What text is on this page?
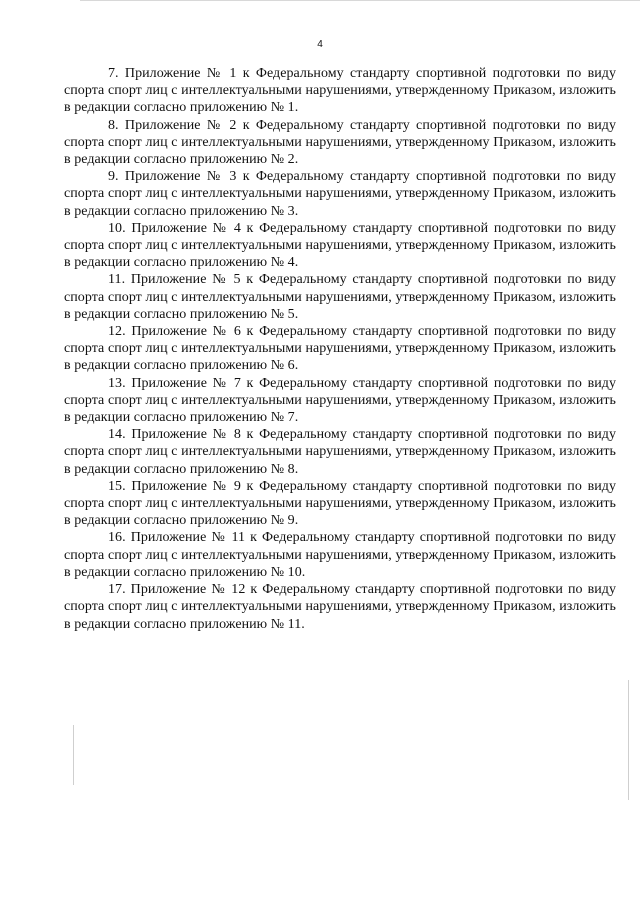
4

7. Приложение № 1 к Федеральному стандарту спортивной подготовки по виду спорта спорт лиц с интеллектуальными нарушениями, утвержденному Приказом, изложить в редакции согласно приложению № 1.

8. Приложение № 2 к Федеральному стандарту спортивной подготовки по виду спорта спорт лиц с интеллектуальными нарушениями, утвержденному Приказом, изложить в редакции согласно приложению № 2.

9. Приложение № 3 к Федеральному стандарту спортивной подготовки по виду спорта спорт лиц с интеллектуальными нарушениями, утвержденному Приказом, изложить в редакции согласно приложению № 3.

10. Приложение № 4 к Федеральному стандарту спортивной подготовки по виду спорта спорт лиц с интеллектуальными нарушениями, утвержденному Приказом, изложить в редакции согласно приложению № 4.

11. Приложение № 5 к Федеральному стандарту спортивной подготовки по виду спорта спорт лиц с интеллектуальными нарушениями, утвержденному Приказом, изложить в редакции согласно приложению № 5.

12. Приложение № 6 к Федеральному стандарту спортивной подготовки по виду спорта спорт лиц с интеллектуальными нарушениями, утвержденному Приказом, изложить в редакции согласно приложению № 6.

13. Приложение № 7 к Федеральному стандарту спортивной подготовки по виду спорта спорт лиц с интеллектуальными нарушениями, утвержденному Приказом, изложить в редакции согласно приложению № 7.

14. Приложение № 8 к Федеральному стандарту спортивной подготовки по виду спорта спорт лиц с интеллектуальными нарушениями, утвержденному Приказом, изложить в редакции согласно приложению № 8.

15. Приложение № 9 к Федеральному стандарту спортивной подготовки по виду спорта спорт лиц с интеллектуальными нарушениями, утвержденному Приказом, изложить в редакции согласно приложению № 9.

16. Приложение № 11 к Федеральному стандарту спортивной подготовки по виду спорта спорт лиц с интеллектуальными нарушениями, утвержденному Приказом, изложить в редакции согласно приложению № 10.

17. Приложение № 12 к Федеральному стандарту спортивной подготовки по виду спорта спорт лиц с интеллектуальными нарушениями, утвержденному Приказом, изложить в редакции согласно приложению № 11.
